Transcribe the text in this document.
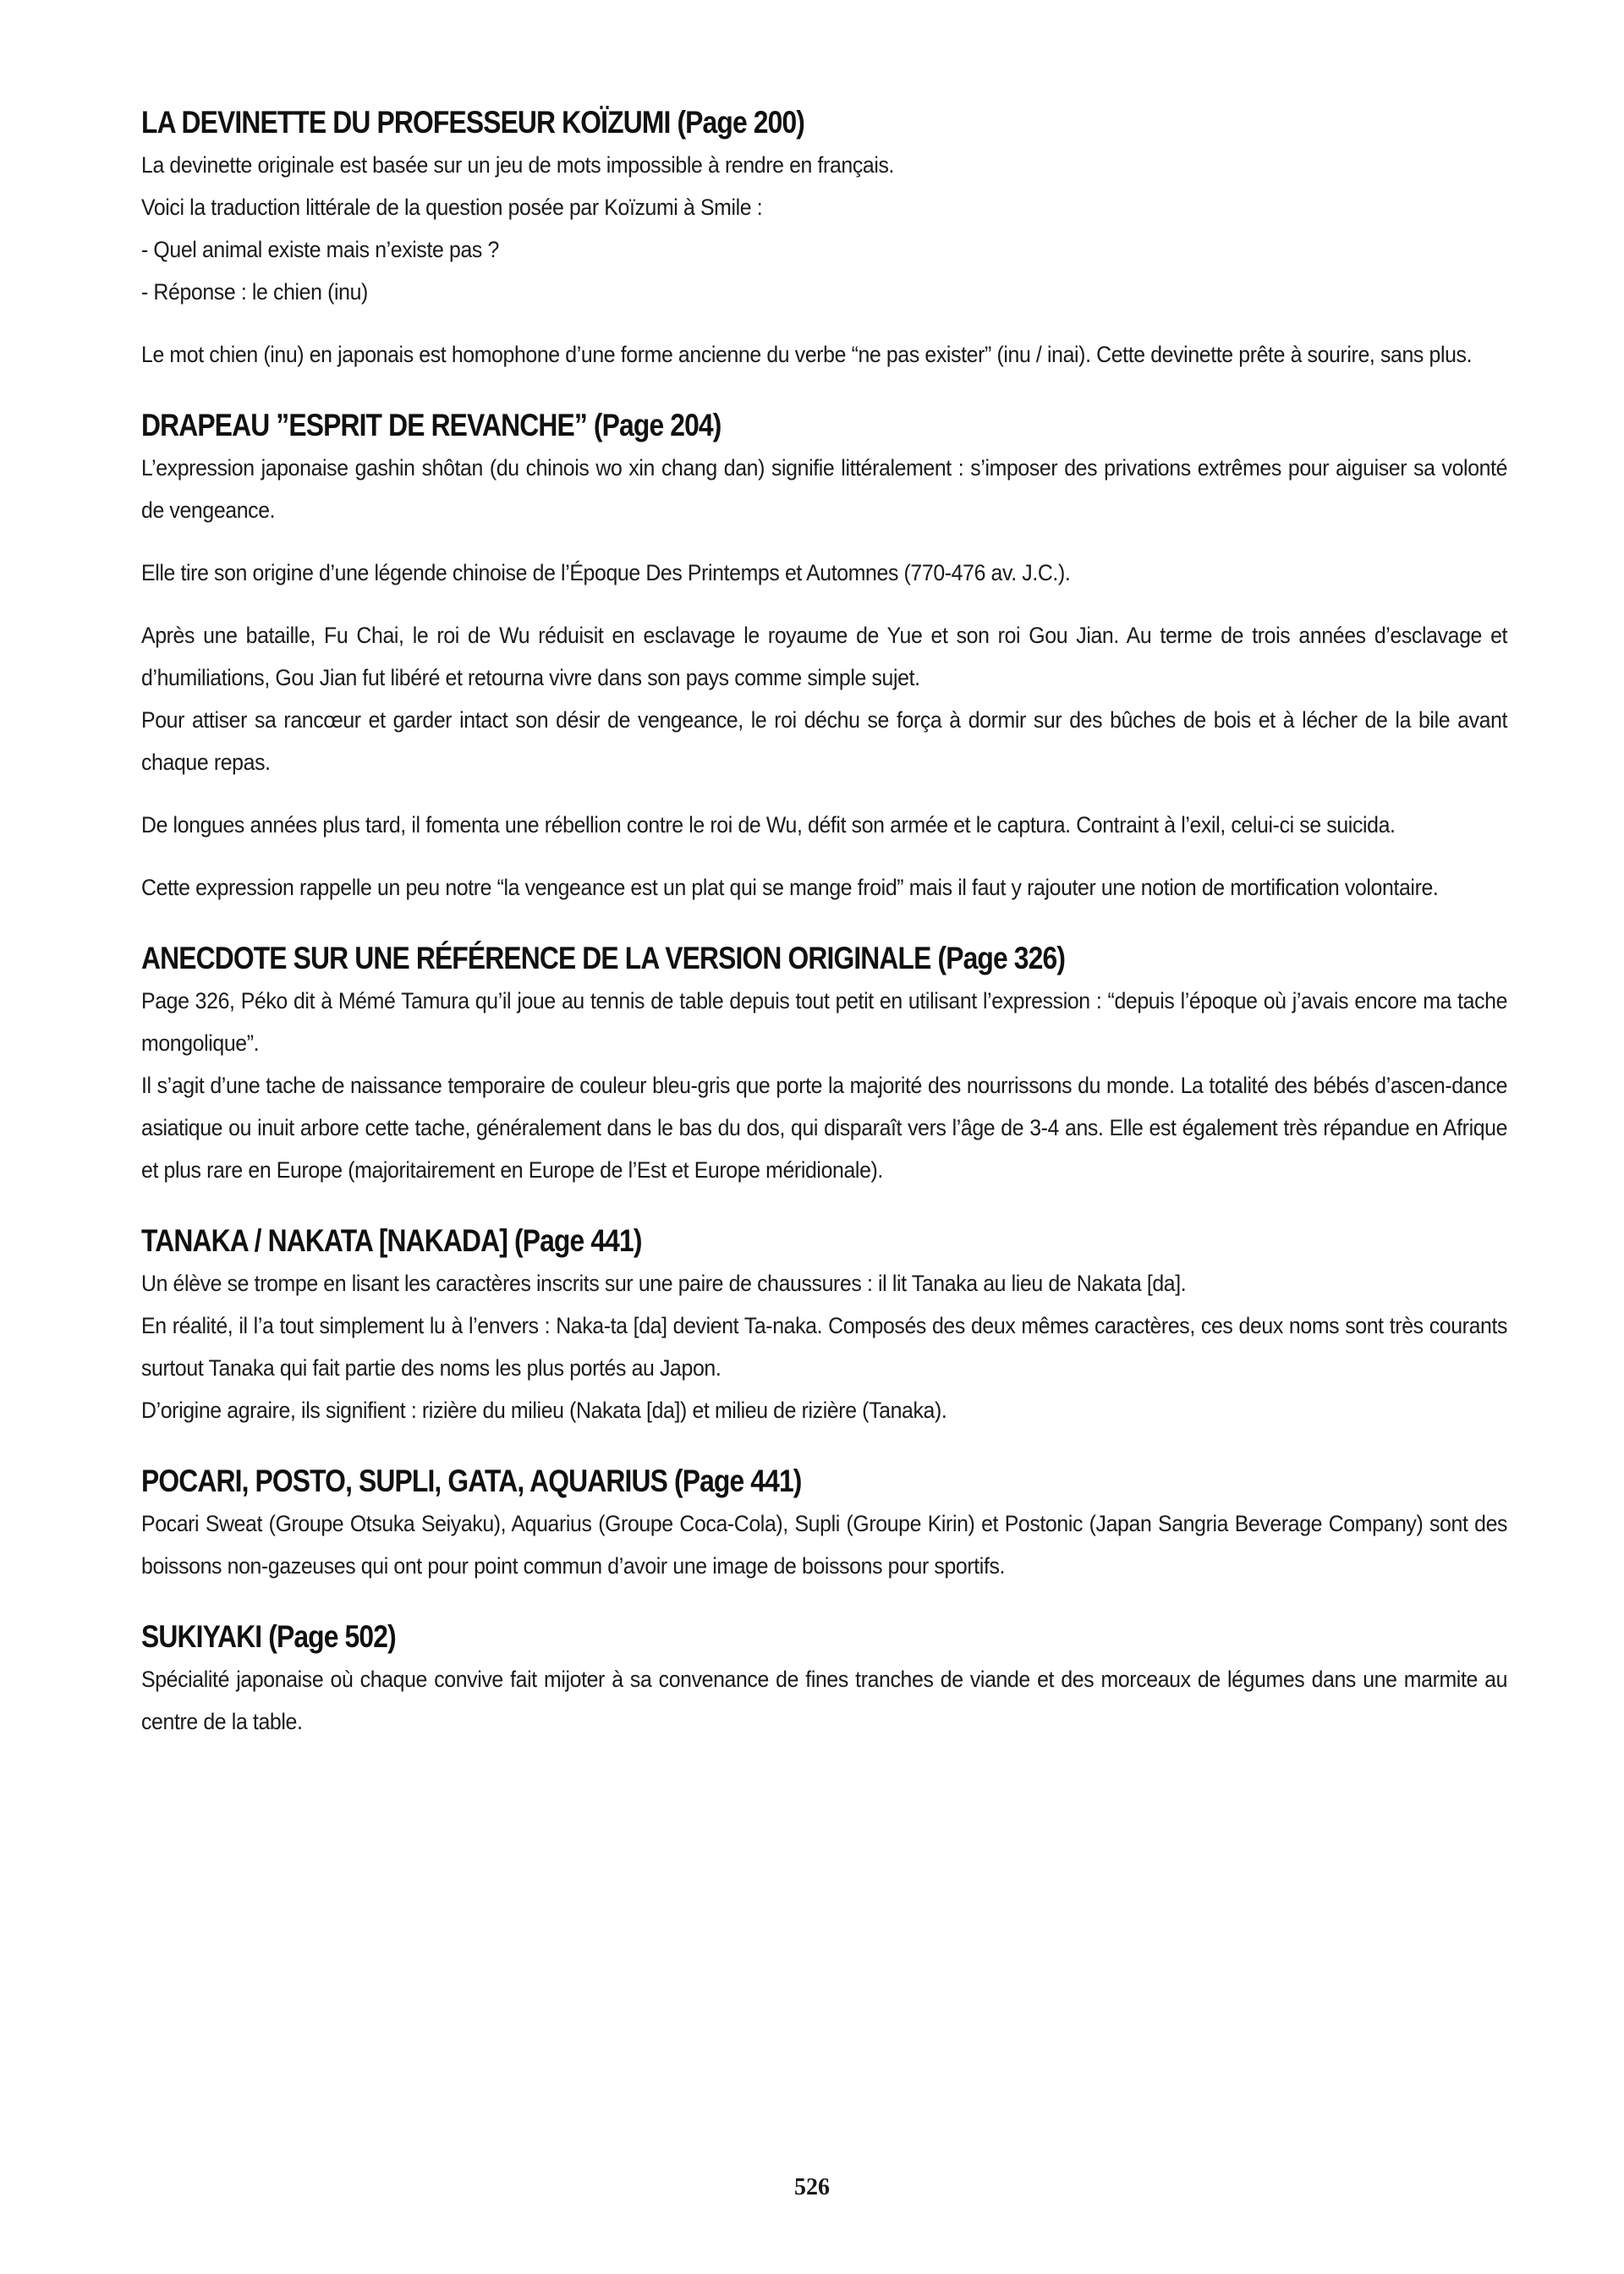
LA DEVINETTE DU PROFESSEUR KOÏZUMI (Page 200)

La devinette originale est basée sur un jeu de mots impossible à rendre en français.

Voici la traduction littérale de la question posée par Koïzumi à Smile :

- Quel animal existe mais n’existe pas ?

- Réponse : le chien (inu)

Le mot chien (inu) en japonais est homophone d’une forme ancienne du verbe “ne pas exister” (inu / inai). Cette devinette prête à sourire, sans plus.

DRAPEAU ”ESPRIT DE REVANCHE” (Page 204)

L’expression japonaise gashin shôtan (du chinois wo xin chang dan) signifie littéralement : s’imposer des privations extrêmes pour aiguiser sa volonté de vengeance.

Elle tire son origine d’une légende chinoise de l’Époque Des Printemps et Automnes (770-476 av. J.C.).

Après une bataille, Fu Chai, le roi de Wu réduisit en esclavage le royaume de Yue et son roi Gou Jian. Au terme de trois années d’esclavage et d’humiliations, Gou Jian fut libéré et retourna vivre dans son pays comme simple sujet.

Pour attiser sa rancœur et garder intact son désir de vengeance, le roi déchu se força à dormir sur des bûches de bois et à lécher de la bile avant chaque repas.

De longues années plus tard, il fomenta une rébellion contre le roi de Wu, défit son armée et le captura. Contraint à l’exil, celui-ci se suicida.

Cette expression rappelle un peu notre “la vengeance est un plat qui se mange froid” mais il faut y rajouter une notion de mortification volontaire.

ANECDOTE SUR UNE RÉFÉRENCE DE LA VERSION ORIGINALE (Page 326)

Page 326, Péko dit à Mémé Tamura qu’il joue au tennis de table depuis tout petit en utilisant l’expression : “depuis l’époque où j’avais encore ma tache mongolique”.

Il s’agit d’une tache de naissance temporaire de couleur bleu-gris que porte la majorité des nourrissons du monde. La totalité des bébés d’ascen-dance asiatique ou inuit arbore cette tache, généralement dans le bas du dos, qui disparaît vers l’âge de 3-4 ans. Elle est également très répandue en Afrique et plus rare en Europe (majoritairement en Europe de l’Est et Europe méridionale).

TANAKA / NAKATA [NAKADA] (Page 441)

Un élève se trompe en lisant les caractères inscrits sur une paire de chaussures : il lit Tanaka au lieu de Nakata [da].

En réalité, il l’a tout simplement lu à l’envers : Naka-ta [da] devient Ta-naka. Composés des deux mêmes caractères, ces deux noms sont très courants surtout Tanaka qui fait partie des noms les plus portés au Japon.

D’origine agraire, ils signifient : rizière du milieu (Nakata [da]) et milieu de rizière (Tanaka).

POCARI, POSTO, SUPLI, GATA, AQUARIUS (Page 441)

Pocari Sweat (Groupe Otsuka Seiyaku), Aquarius (Groupe Coca-Cola), Supli (Groupe Kirin) et Postonic (Japan Sangria Beverage Company) sont des boissons non-gazeuses qui ont pour point commun d’avoir une image de boissons pour sportifs.

SUKIYAKI (Page 502)

Spécialité japonaise où chaque convive fait mijoter à sa convenance de fines tranches de viande et des morceaux de légumes dans une marmite au centre de la table.

526
